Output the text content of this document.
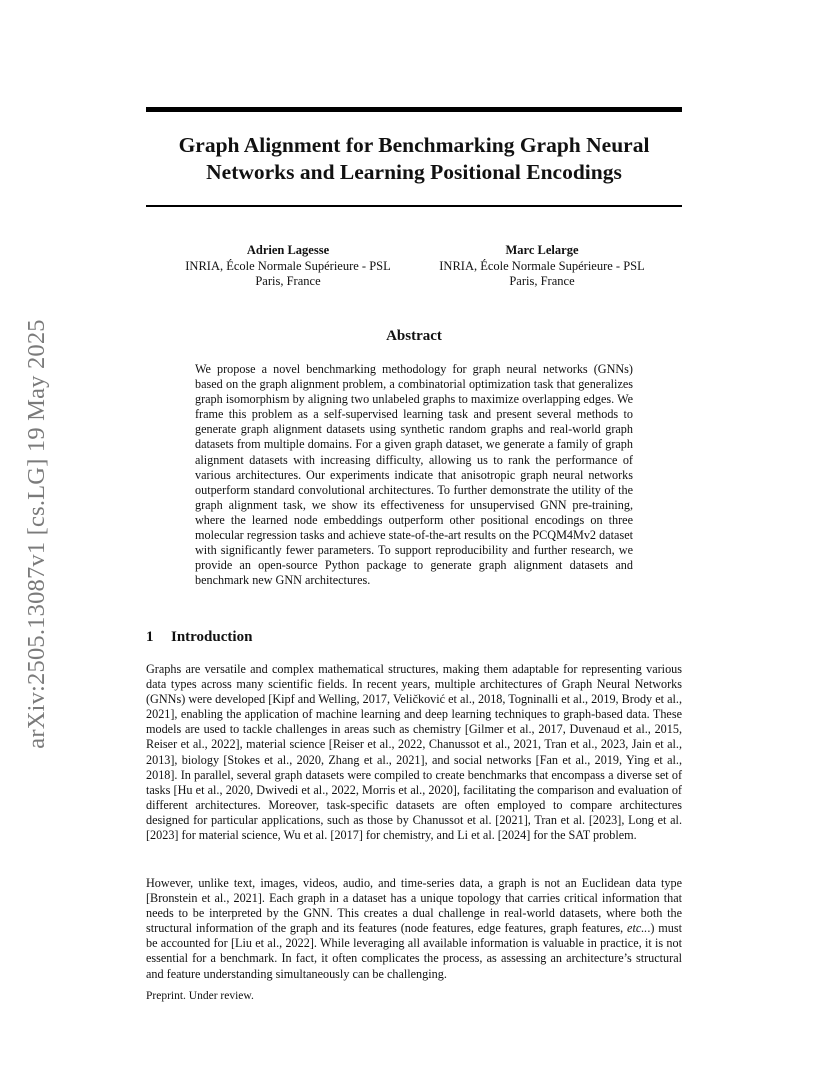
arXiv:2505.13087v1 [cs.LG] 19 May 2025
Graph Alignment for Benchmarking Graph Neural Networks and Learning Positional Encodings
Adrien Lagesse
INRIA, École Normale Supérieure - PSL
Paris, France
Marc Lelarge
INRIA, École Normale Supérieure - PSL
Paris, France
Abstract
We propose a novel benchmarking methodology for graph neural networks (GNNs) based on the graph alignment problem, a combinatorial optimization task that generalizes graph isomorphism by aligning two unlabeled graphs to maximize overlapping edges. We frame this problem as a self-supervised learning task and present several methods to generate graph alignment datasets using synthetic random graphs and real-world graph datasets from multiple domains. For a given graph dataset, we generate a family of graph alignment datasets with increasing difficulty, allowing us to rank the performance of various architectures. Our experiments indicate that anisotropic graph neural networks outperform standard convolutional architectures. To further demonstrate the utility of the graph alignment task, we show its effectiveness for unsupervised GNN pre-training, where the learned node embeddings outperform other positional encodings on three molecular regression tasks and achieve state-of-the-art results on the PCQM4Mv2 dataset with significantly fewer parameters. To support reproducibility and further research, we provide an open-source Python package to generate graph alignment datasets and benchmark new GNN architectures.
1 Introduction
Graphs are versatile and complex mathematical structures, making them adaptable for representing various data types across many scientific fields. In recent years, multiple architectures of Graph Neural Networks (GNNs) were developed [Kipf and Welling, 2017, Veličković et al., 2018, Togninalli et al., 2019, Brody et al., 2021], enabling the application of machine learning and deep learning techniques to graph-based data. These models are used to tackle challenges in areas such as chemistry [Gilmer et al., 2017, Duvenaud et al., 2015, Reiser et al., 2022], material science [Reiser et al., 2022, Chanussot et al., 2021, Tran et al., 2023, Jain et al., 2013], biology [Stokes et al., 2020, Zhang et al., 2021], and social networks [Fan et al., 2019, Ying et al., 2018]. In parallel, several graph datasets were compiled to create benchmarks that encompass a diverse set of tasks [Hu et al., 2020, Dwivedi et al., 2022, Morris et al., 2020], facilitating the comparison and evaluation of different architectures. Moreover, task-specific datasets are often employed to compare architectures designed for particular applications, such as those by Chanussot et al. [2021], Tran et al. [2023], Long et al. [2023] for material science, Wu et al. [2017] for chemistry, and Li et al. [2024] for the SAT problem.
However, unlike text, images, videos, audio, and time-series data, a graph is not an Euclidean data type [Bronstein et al., 2021]. Each graph in a dataset has a unique topology that carries critical information that needs to be interpreted by the GNN. This creates a dual challenge in real-world datasets, where both the structural information of the graph and its features (node features, edge features, graph features, etc...) must be accounted for [Liu et al., 2022]. While leveraging all available information is valuable in practice, it is not essential for a benchmark. In fact, it often complicates the process, as assessing an architecture’s structural and feature understanding simultaneously can be challenging.
Preprint. Under review.
